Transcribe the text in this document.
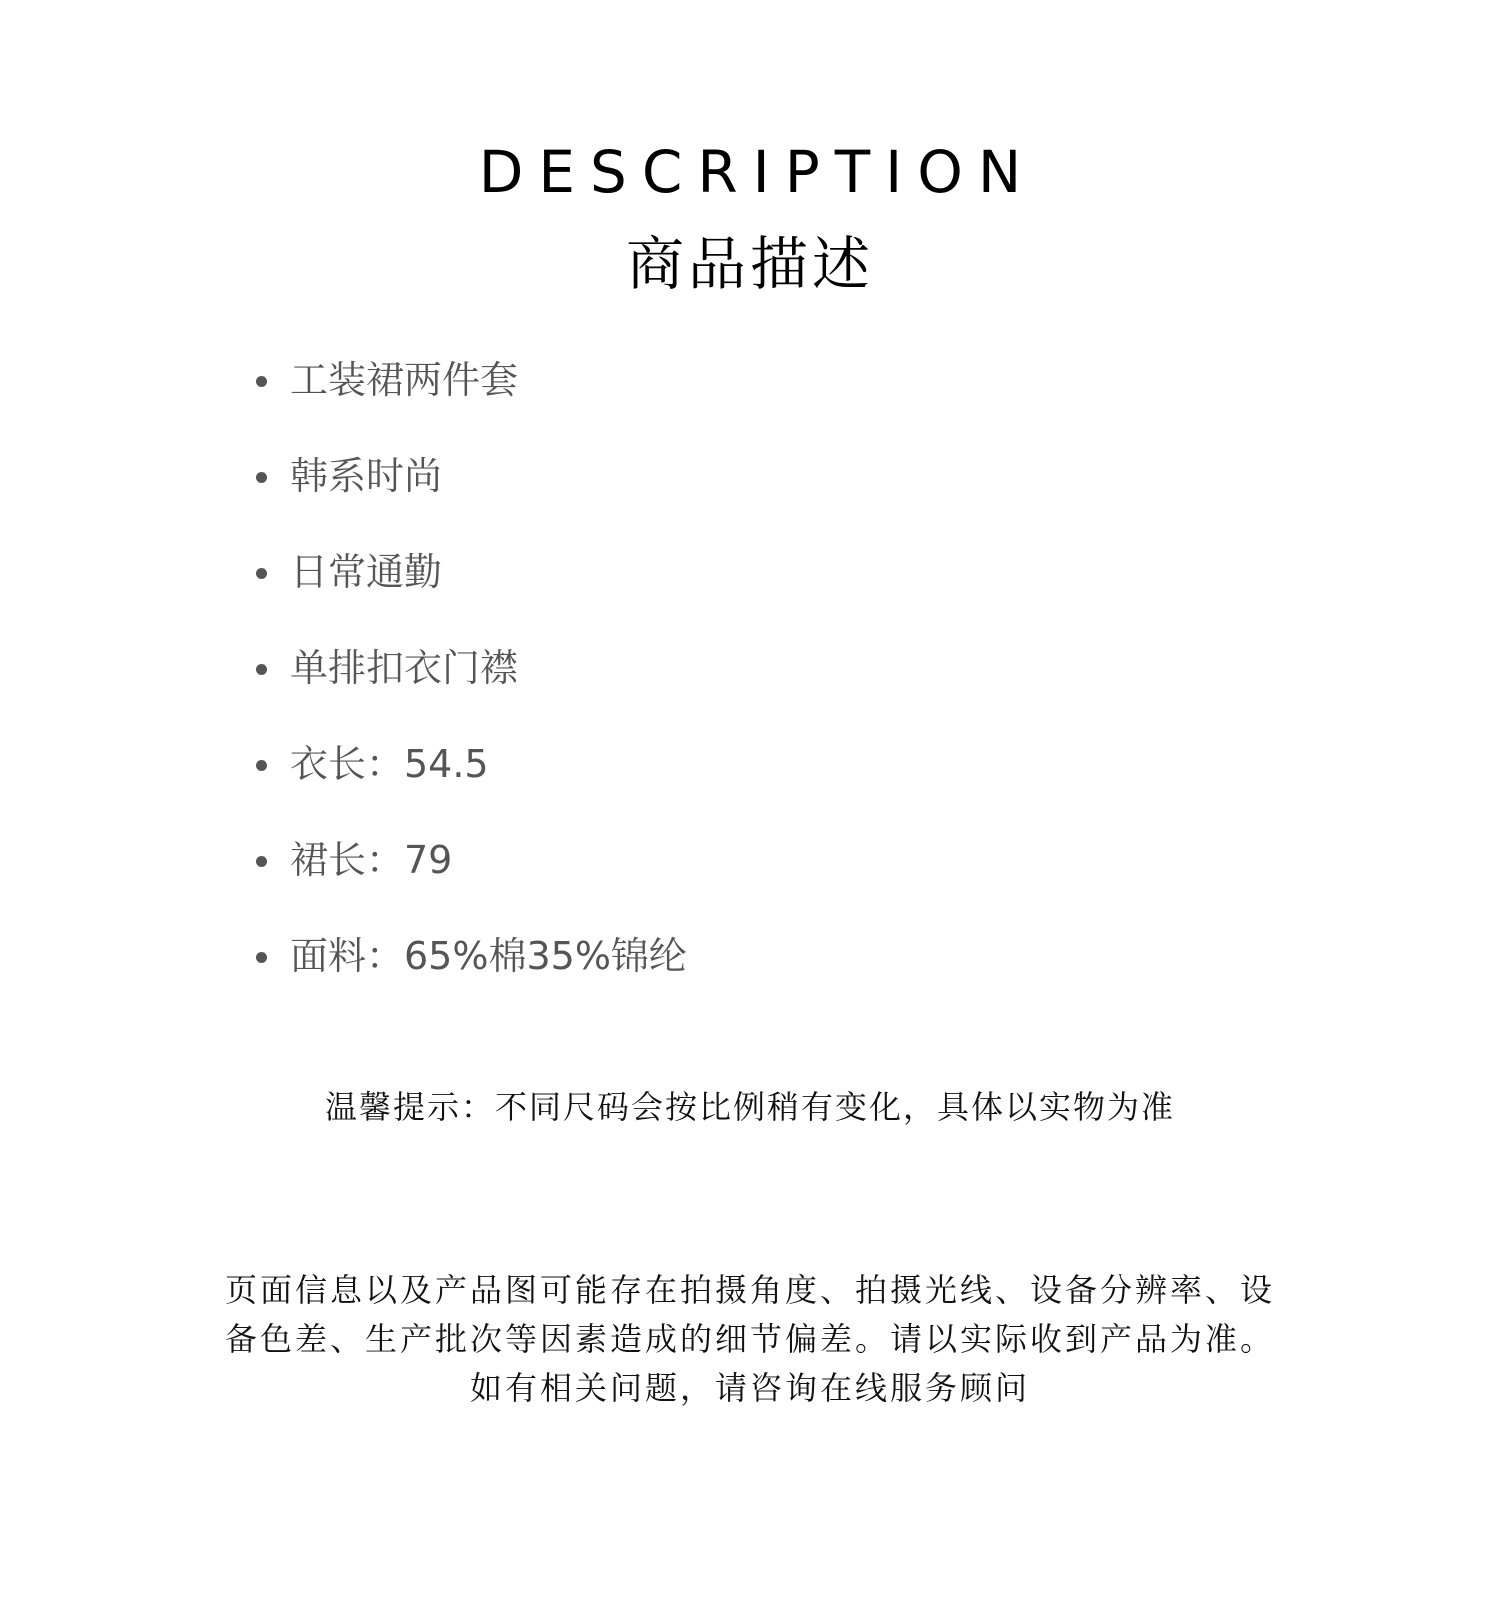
DESCRIPTION
商品描述
工装裙两件套
韩系时尚
日常通勤
单排扣衣门襟
衣长：54.5
裙长：79
面料：65%棉35%锦纶
温馨提示：不同尺码会按比例稍有变化，具体以实物为准
页面信息以及产品图可能存在拍摄角度、拍摄光线、设备分辨率、设
备色差、生产批次等因素造成的细节偏差。请以实际收到产品为准。
如有相关问题，请咨询在线服务顾问
